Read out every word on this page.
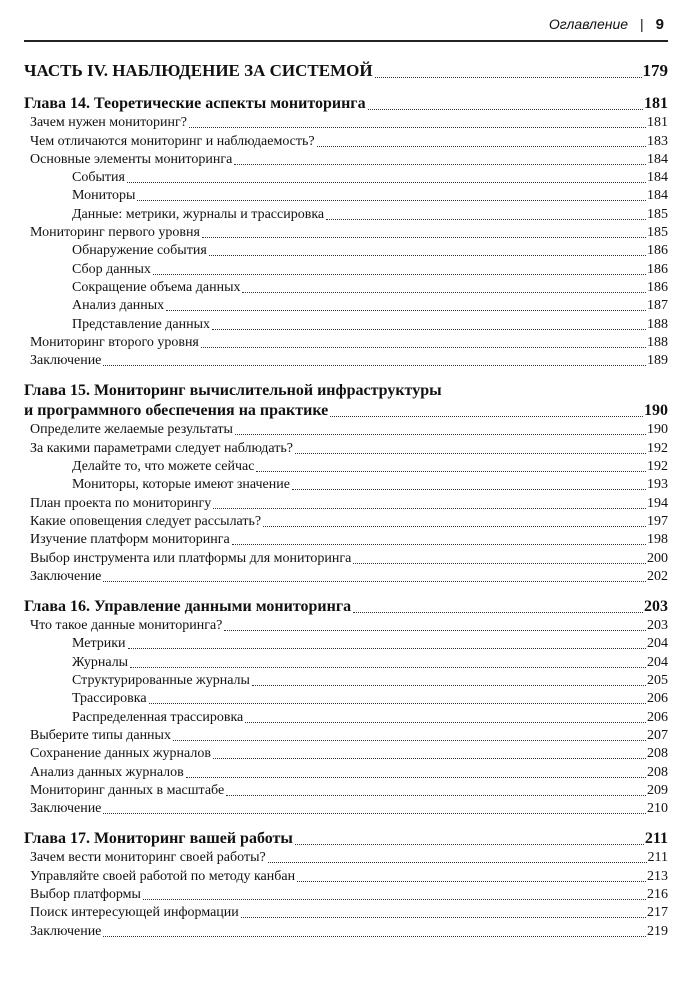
Оглавление | 9
ЧАСТЬ IV. НАБЛЮДЕНИЕ ЗА СИСТЕМОЙ	179
Глава 14. Теоретические аспекты мониторинга	181
Зачем нужен мониторинг?	181
Чем отличаются мониторинг и наблюдаемость?	183
Основные элементы мониторинга	184
События	184
Мониторы	184
Данные: метрики, журналы и трассировка	185
Мониторинг первого уровня	185
Обнаружение события	186
Сбор данных	186
Сокращение объема данных	186
Анализ данных	187
Представление данных	188
Мониторинг второго уровня	188
Заключение	189
Глава 15. Мониторинг вычислительной инфраструктуры
и программного обеспечения на практике	190
Определите желаемые результаты	190
За какими параметрами следует наблюдать?	192
Делайте то, что можете сейчас	192
Мониторы, которые имеют значение	193
План проекта по мониторингу	194
Какие оповещения следует рассылать?	197
Изучение платформ мониторинга	198
Выбор инструмента или платформы для мониторинга	200
Заключение	202
Глава 16. Управление данными мониторинга	203
Что такое данные мониторинга?	203
Метрики	204
Журналы	204
Структурированные журналы	205
Трассировка	206
Распределенная трассировка	206
Выберите типы данных	207
Сохранение данных журналов	208
Анализ данных журналов	208
Мониторинг данных в масштабе	209
Заключение	210
Глава 17. Мониторинг вашей работы	211
Зачем вести мониторинг своей работы?	211
Управляйте своей работой по методу канбан	213
Выбор платформы	216
Поиск интересующей информации	217
Заключение	219
